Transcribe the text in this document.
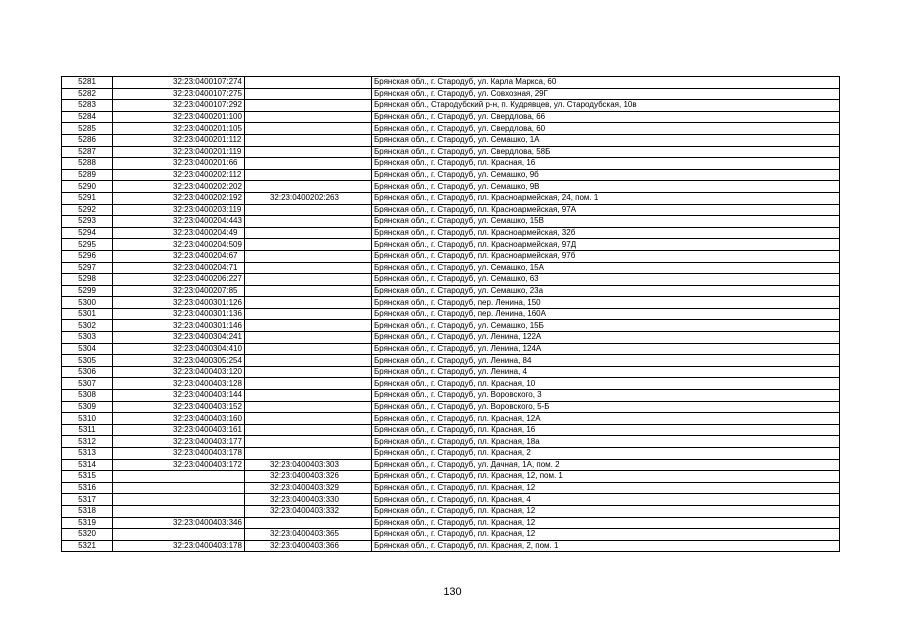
5281	32:23:0400107:274		Брянская обл., г. Стародуб, ул. Карла Маркса, 60
5282	32:23:0400107:275		Брянская обл., г. Стародуб, ул. Совхозная, 29Г
5283	32:23:0400107:292		Брянская обл., Стародубский р-н, п. Кудрявцев, ул. Стародубская, 10в
5284	32:23:0400201:100		Брянская обл., г. Стародуб, ул. Свердлова, 66
5285	32:23:0400201:105		Брянская обл., г. Стародуб, ул. Свердлова, 60
5286	32:23:0400201:112		Брянская обл., г. Стародуб, ул. Семашко, 1А
5287	32:23:0400201:119		Брянская обл., г. Стародуб, ул. Свердлова, 58Б
5288	32:23:0400201:66		Брянская обл., г. Стародуб, пл. Красная, 16
5289	32:23:0400202:112		Брянская обл., г. Стародуб, ул. Семашко, 9б
5290	32:23:0400202:202		Брянская обл., г. Стародуб, ул. Семашко, 9В
5291	32:23:0400202:192	32:23:0400202:263	Брянская обл., г. Стародуб, пл. Красноармейская, 24, пом. 1
5292	32:23:0400203:119		Брянская обл., г. Стародуб, пл. Красноармейская, 97А
5293	32:23:0400204:443		Брянская обл., г. Стародуб, ул. Семашко, 15В
5294	32:23:0400204:49		Брянская обл., г. Стародуб, пл. Красноармейская, 32б
5295	32:23:0400204:509		Брянская обл., г. Стародуб, пл. Красноармейская, 97Д
5296	32:23:0400204:67		Брянская обл., г. Стародуб, пл. Красноармейская, 97б
5297	32:23:0400204:71		Брянская обл., г. Стародуб, ул. Семашко, 15А
5298	32:23:0400206:227		Брянская обл., г. Стародуб, ул. Семашко, 63
5299	32:23:0400207:85		Брянская обл., г. Стародуб, ул. Семашко, 23а
5300	32:23:0400301:126		Брянская обл., г. Стародуб, пер. Ленина, 150
5301	32:23:0400301:136		Брянская обл., г. Стародуб, пер. Ленина, 160А
5302	32:23:0400301:146		Брянская обл., г. Стародуб, ул. Семашко, 15Б
5303	32:23:0400304:241		Брянская обл., г. Стародуб, ул. Ленина, 122А
5304	32:23:0400304:410		Брянская обл., г. Стародуб, ул. Ленина, 124А
5305	32:23:0400305:254		Брянская обл., г. Стародуб, ул. Ленина, 84
5306	32:23:0400403:120		Брянская обл., г. Стародуб, ул. Ленина, 4
5307	32:23:0400403:128		Брянская обл., г. Стародуб, пл. Красная, 10
5308	32:23:0400403:144		Брянская обл., г. Стародуб, ул. Воровского, 3
5309	32:23:0400403:152		Брянская обл., г. Стародуб, ул. Воровского, 5-Б
5310	32:23:0400403:160		Брянская обл., г. Стародуб, пл. Красная, 12А
5311	32:23:0400403:161		Брянская обл., г. Стародуб, пл. Красная, 16
5312	32:23:0400403:177		Брянская обл., г. Стародуб, пл. Красная, 18а
5313	32:23:0400403:178		Брянская обл., г. Стародуб, пл. Красная, 2
5314	32:23:0400403:172	32:23:0400403:303	Брянская обл., г. Стародуб, ул. Дачная, 1А, пом. 2
5315		32:23:0400403:326	Брянская обл., г. Стародуб, пл. Красная, 12, пом. 1
5316		32:23:0400403:329	Брянская обл., г. Стародуб, пл. Красная, 12
5317		32:23:0400403:330	Брянская обл., г. Стародуб, пл. Красная, 4
5318		32:23:0400403:332	Брянская обл., г. Стародуб, пл. Красная, 12
5319	32:23:0400403:346		Брянская обл., г. Стародуб, пл. Красная, 12
5320		32:23:0400403:365	Брянская обл., г. Стародуб, пл. Красная, 12
5321	32:23:0400403:178	32:23:0400403:366	Брянская обл., г. Стародуб, пл. Красная, 2, пом. 1
130
